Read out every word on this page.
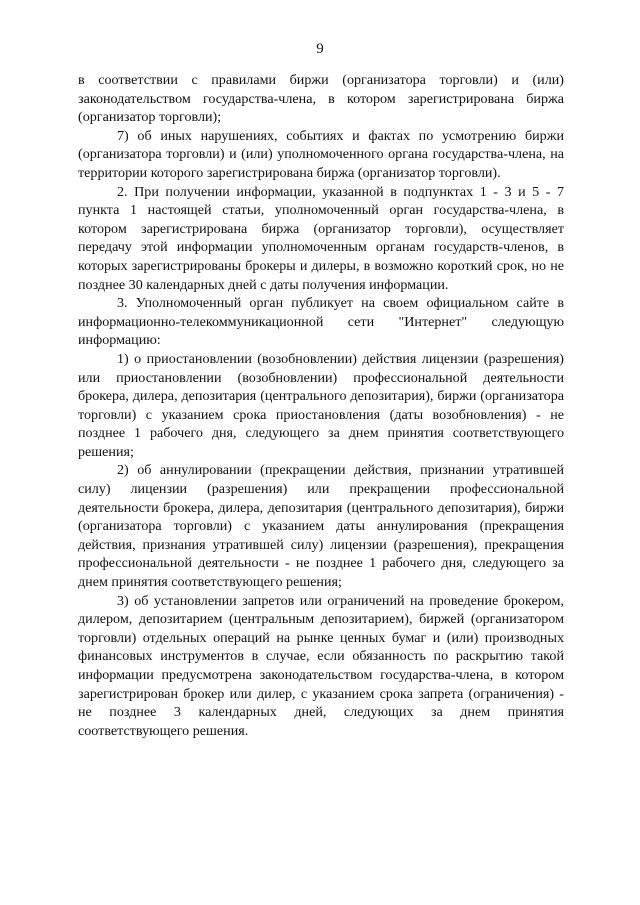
9

в соответствии с правилами биржи (организатора торговли) и (или) законодательством государства-члена, в котором зарегистрирована биржа (организатор торговли);

7) об иных нарушениях, событиях и фактах по усмотрению биржи (организатора торговли) и (или) уполномоченного органа государства-члена, на территории которого зарегистрирована биржа (организатор торговли).

2. При получении информации, указанной в подпунктах 1 - 3 и 5 - 7 пункта 1 настоящей статьи, уполномоченный орган государства-члена, в котором зарегистрирована биржа (организатор торговли), осуществляет передачу этой информации уполномоченным органам государств-членов, в которых зарегистрированы брокеры и дилеры, в возможно короткий срок, но не позднее 30 календарных дней с даты получения информации.

3. Уполномоченный орган публикует на своем официальном сайте в информационно-телекоммуникационной сети "Интернет" следующую информацию:

1) о приостановлении (возобновлении) действия лицензии (разрешения) или приостановлении (возобновлении) профессиональной деятельности брокера, дилера, депозитария (центрального депозитария), биржи (организатора торговли) с указанием срока приостановления (даты возобновления) - не позднее 1 рабочего дня, следующего за днем принятия соответствующего решения;

2) об аннулировании (прекращении действия, признании утратившей силу) лицензии (разрешения) или прекращении профессиональной деятельности брокера, дилера, депозитария (центрального депозитария), биржи (организатора торговли) с указанием даты аннулирования (прекращения действия, признания утратившей силу) лицензии (разрешения), прекращения профессиональной деятельности - не позднее 1 рабочего дня, следующего за днем принятия соответствующего решения;

3) об установлении запретов или ограничений на проведение брокером, дилером, депозитарием (центральным депозитарием), биржей (организатором торговли) отдельных операций на рынке ценных бумаг и (или) производных финансовых инструментов в случае, если обязанность по раскрытию такой информации предусмотрена законодательством государства-члена, в котором зарегистрирован брокер или дилер, с указанием срока запрета (ограничения) - не позднее 3 календарных дней, следующих за днем принятия соответствующего решения.
